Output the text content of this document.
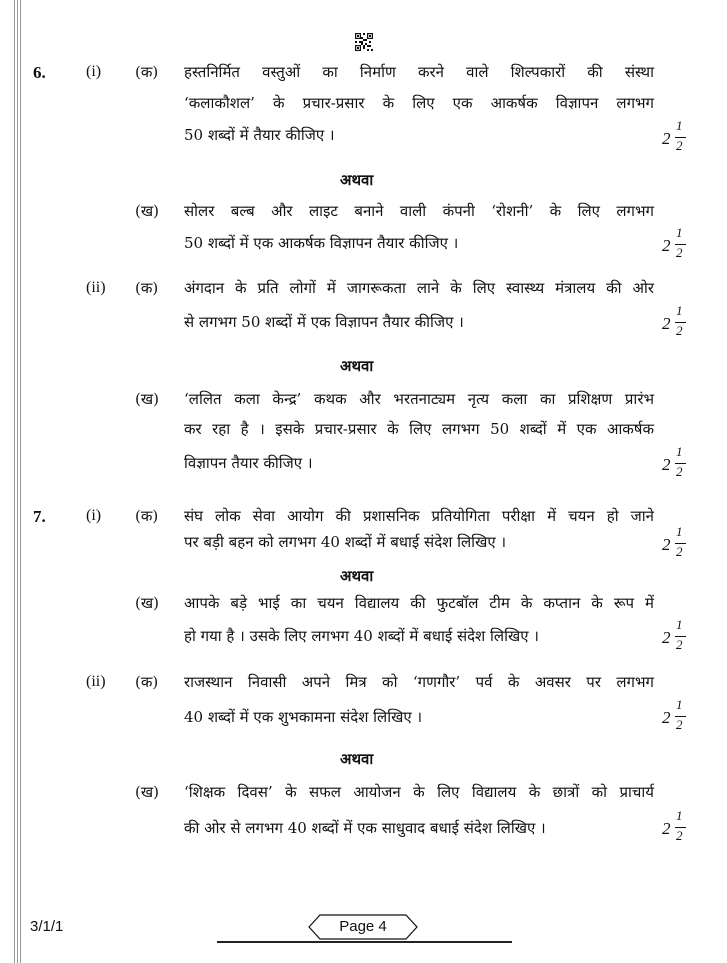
6.	(i) (क) हस्तनिर्मित वस्तुओं का निर्माण करने वाले शिल्पकारों की संस्था
‘कलाकौशल’ के प्रचार-प्रसार के लिए एक आकर्षक विज्ञापन लगभग
50 शब्दों में तैयार कीजिए ।	2
1
2
अथवा
(ख) सोलर बल्ब और लाइट बनाने वाली कंपनी ‘रोशनी’ के लिए लगभग
50 शब्दों में एक आकर्षक विज्ञापन तैयार कीजिए ।	2
1
2
(ii) (क) अंगदान के प्रति लोगों में जागरूकता लाने के लिए स्वास्थ्य मंत्रालय की ओर
से लगभग 50 शब्दों में एक विज्ञापन तैयार कीजिए ।	2
1
2
अथवा
(ख) ‘ललित कला केन्द्र’ कथक और भरतनाट्यम नृत्य कला का प्रशिक्षण प्रारंभ
कर रहा है । इसके प्रचार-प्रसार के लिए लगभग 50 शब्दों में एक आकर्षक
विज्ञापन तैयार कीजिए ।	2
1
2
7.	(i) (क) संघ लोक सेवा आयोग की प्रशासनिक प्रतियोगिता परीक्षा में चयन हो जाने
पर बड़ी बहन को लगभग 40 शब्दों में बधाई संदेश लिखिए ।	2
1
2
अथवा
(ख) आपके बड़े भाई का चयन विद्यालय की फुटबॉल टीम के कप्तान के रूप में
हो गया है । उसके लिए लगभग 40 शब्दों में बधाई संदेश लिखिए ।	2
1
2
(ii) (क) राजस्थान निवासी अपने मित्र को ‘गणगौर’ पर्व के अवसर पर लगभग
40 शब्दों में एक शुभकामना संदेश लिखिए ।	2
1
2
अथवा
(ख) ‘शिक्षक दिवस’ के सफल आयोजन के लिए विद्यालय के छात्रों को प्राचार्य
की ओर से लगभग 40 शब्दों में एक साधुवाद बधाई संदेश लिखिए ।	2
1
2
3/1/1	Page 4
